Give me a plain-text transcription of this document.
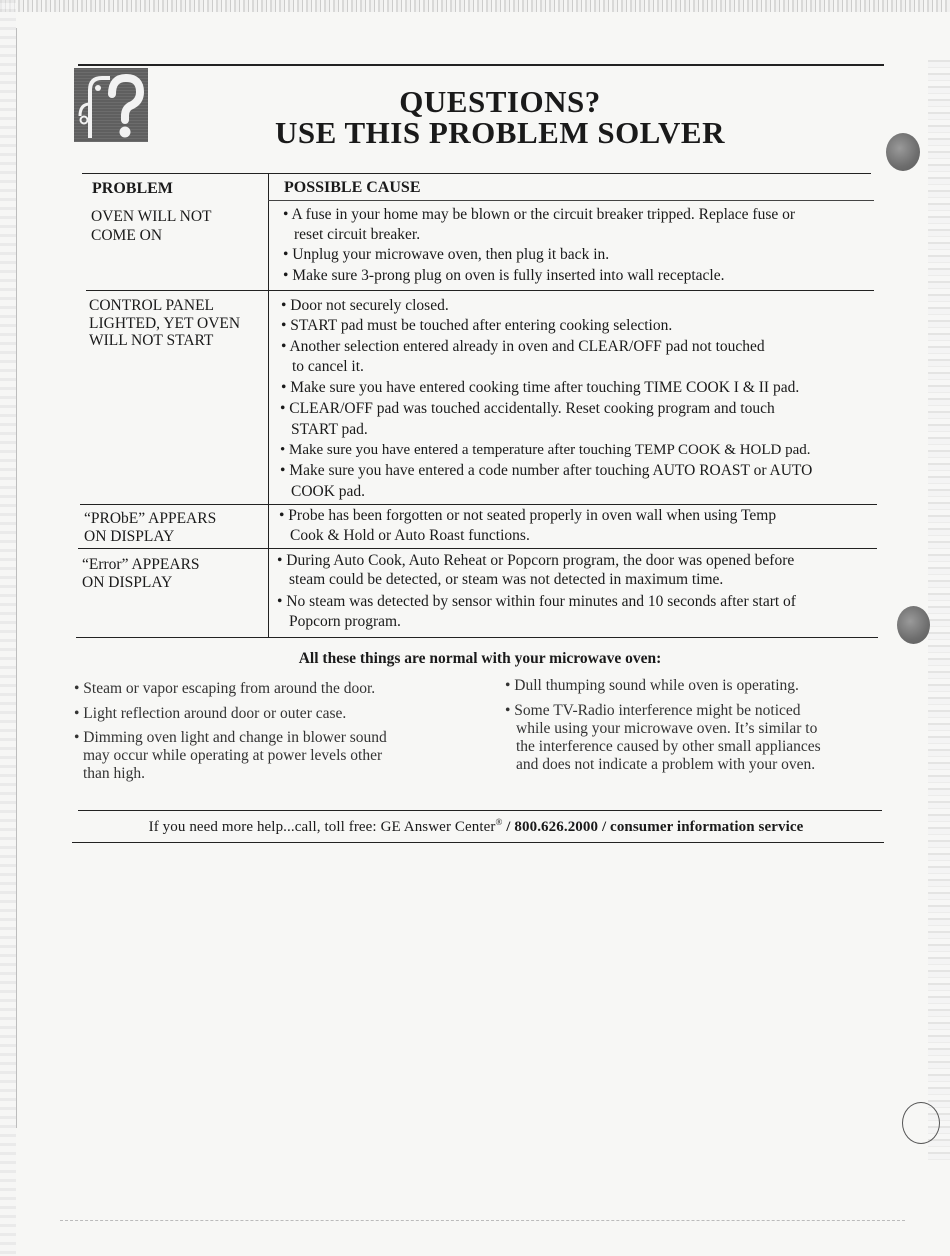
QUESTIONS?
USE THIS PROBLEM SOLVER
PROBLEM	POSSIBLE CAUSE
OVEN WILL NOT
COME ON
• A fuse in your home may be blown or the circuit breaker tripped. Replace fuse or
reset circuit breaker.
• Unplug your microwave oven, then plug it back in.
• Make sure 3-prong plug on oven is fully inserted into wall receptacle.
CONTROL PANEL
LIGHTED, YET OVEN
WILL NOT START
• Door not securely closed.
• START pad must be touched after entering cooking selection.
• Another selection entered already in oven and CLEAR/OFF pad not touched
to cancel it.
• Make sure you have entered cooking time after touching TIME COOK I & II pad.
• CLEAR/OFF pad was touched accidentally. Reset cooking program and touch
START pad.
• Make sure you have entered a temperature after touching TEMP COOK & HOLD pad.
• Make sure you have entered a code number after touching AUTO ROAST or AUTO
COOK pad.
“PRObE” APPEARS
ON DISPLAY
• Probe has been forgotten or not seated properly in oven wall when using Temp
Cook & Hold or Auto Roast functions.
“Error” APPEARS
ON DISPLAY
• During Auto Cook, Auto Reheat or Popcorn program, the door was opened before
steam could be detected, or steam was not detected in maximum time.
• No steam was detected by sensor within four minutes and 10 seconds after start of
Popcorn program.
All these things are normal with your microwave oven:
• Steam or vapor escaping from around the door.
• Light reflection around door or outer case.
• Dimming oven light and change in blower sound
may occur while operating at power levels other
than high.
• Dull thumping sound while oven is operating.
• Some TV-Radio interference might be noticed
while using your microwave oven. It’s similar to
the interference caused by other small appliances
and does not indicate a problem with your oven.
If you need more help...call, toll free: GE Answer Center® / 800.626.2000 / consumer information service
